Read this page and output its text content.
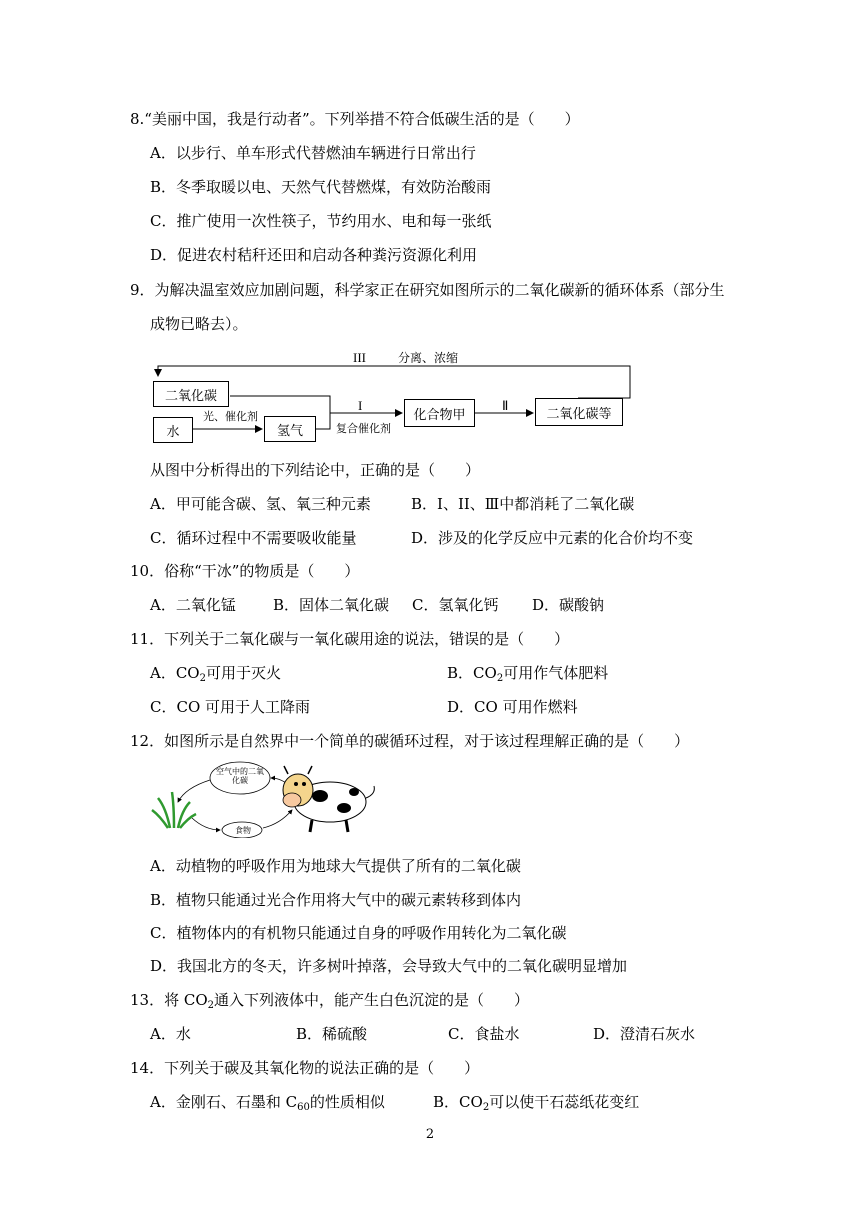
8.“美丽中国，我是行动者”。下列举措不符合低碳生活的是（　　）
A．以步行、单车形式代替燃油车辆进行日常出行
B．冬季取暖以电、天然气代替燃煤，有效防治酸雨
C．推广使用一次性筷子，节约用水、电和每一张纸
D．促进农村秸秆还田和启动各种粪污资源化利用
9．为解决温室效应加剧问题，科学家正在研究如图所示的二氧化碳新的循环体系（部分生
成物已略去）。
二氧化碳
水	氢气
化合物甲	二氧化碳等
光、催化剂
复合催化剂
分离、浓缩
I	Ⅱ
III
从图中分析得出的下列结论中，正确的是（　　）
A．甲可能含碳、氢、氧三种元素	B．I、II、Ⅲ中都消耗了二氧化碳
C．循环过程中不需要吸收能量	D．涉及的化学反应中元素的化合价均不变
10．俗称“干冰”的物质是（　　）
A．二氧化锰 B．固体二氧化碳 C．氢氧化钙 D．碳酸钠
11．下列关于二氧化碳与一氧化碳用途的说法，错误的是（　　）
A．$CO_2$可用于灭火	B．$CO_2$可用作气体肥料
C．CO 可用于人工降雨	D．CO 可用作燃料
12．如图所示是自然界中一个简单的碳循环过程，对于该过程理解正确的是（　　）
空气中的二氧化碳
食物
A．动植物的呼吸作用为地球大气提供了所有的二氧化碳
B．植物只能通过光合作用将大气中的碳元素转移到体内
C．植物体内的有机物只能通过自身的呼吸作用转化为二氧化碳
D．我国北方的冬天，许多树叶掉落，会导致大气中的二氧化碳明显增加
13．将 $CO_2$通入下列液体中，能产生白色沉淀的是（　　）
A．水	B．稀硫酸	C．食盐水	D．澄清石灰水
14．下列关于碳及其氧化物的说法正确的是（　　）
A．金刚石、石墨和 $C_{60}$的性质相似	B．$CO_2$可以使干石蕊纸花变红
2
